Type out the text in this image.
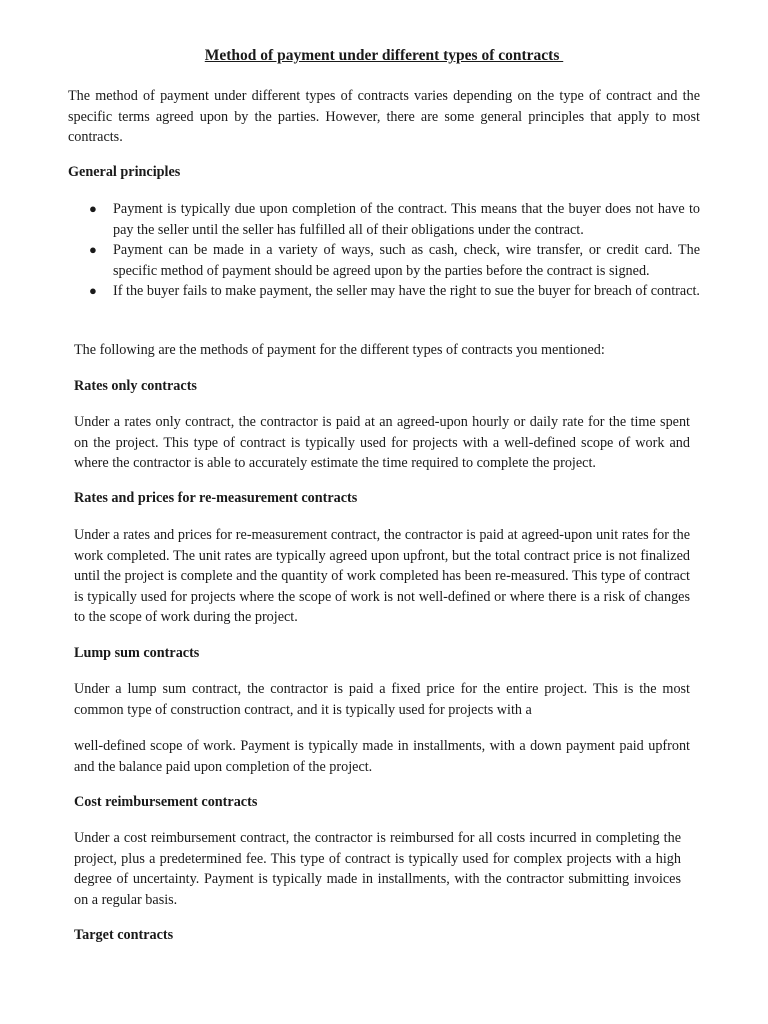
Method of payment under different types of contracts

The method of payment under different types of contracts varies depending on the type of contract and the specific terms agreed upon by the parties. However, there are some general principles that apply to most contracts.

General principles
● Payment is typically due upon completion of the contract. This means that the buyer does not have to pay the seller until the seller has fulfilled all of their obligations under the contract.
● Payment can be made in a variety of ways, such as cash, check, wire transfer, or credit card. The specific method of payment should be agreed upon by the parties before the contract is signed.
● If the buyer fails to make payment, the seller may have the right to sue the buyer for breach of contract.

The following are the methods of payment for the different types of contracts you mentioned:

Rates only contracts

Under a rates only contract, the contractor is paid at an agreed-upon hourly or daily rate for the time spent on the project. This type of contract is typically used for projects with a well-defined scope of work and where the contractor is able to accurately estimate the time required to complete the project.

Rates and prices for re-measurement contracts

Under a rates and prices for re-measurement contract, the contractor is paid at agreed-upon unit rates for the work completed. The unit rates are typically agreed upon upfront, but the total contract price is not finalized until the project is complete and the quantity of work completed has been re-measured. This type of contract is typically used for projects where the scope of work is not well-defined or where there is a risk of changes to the scope of work during the project.

Lump sum contracts

Under a lump sum contract, the contractor is paid a fixed price for the entire project. This is the most common type of construction contract, and it is typically used for projects with a

well-defined scope of work. Payment is typically made in installments, with a down payment paid upfront and the balance paid upon completion of the project.

Cost reimbursement contracts

Under a cost reimbursement contract, the contractor is reimbursed for all costs incurred in completing the project, plus a predetermined fee. This type of contract is typically used for complex projects with a high degree of uncertainty. Payment is typically made in installments, with the contractor submitting invoices on a regular basis.

Target contracts
